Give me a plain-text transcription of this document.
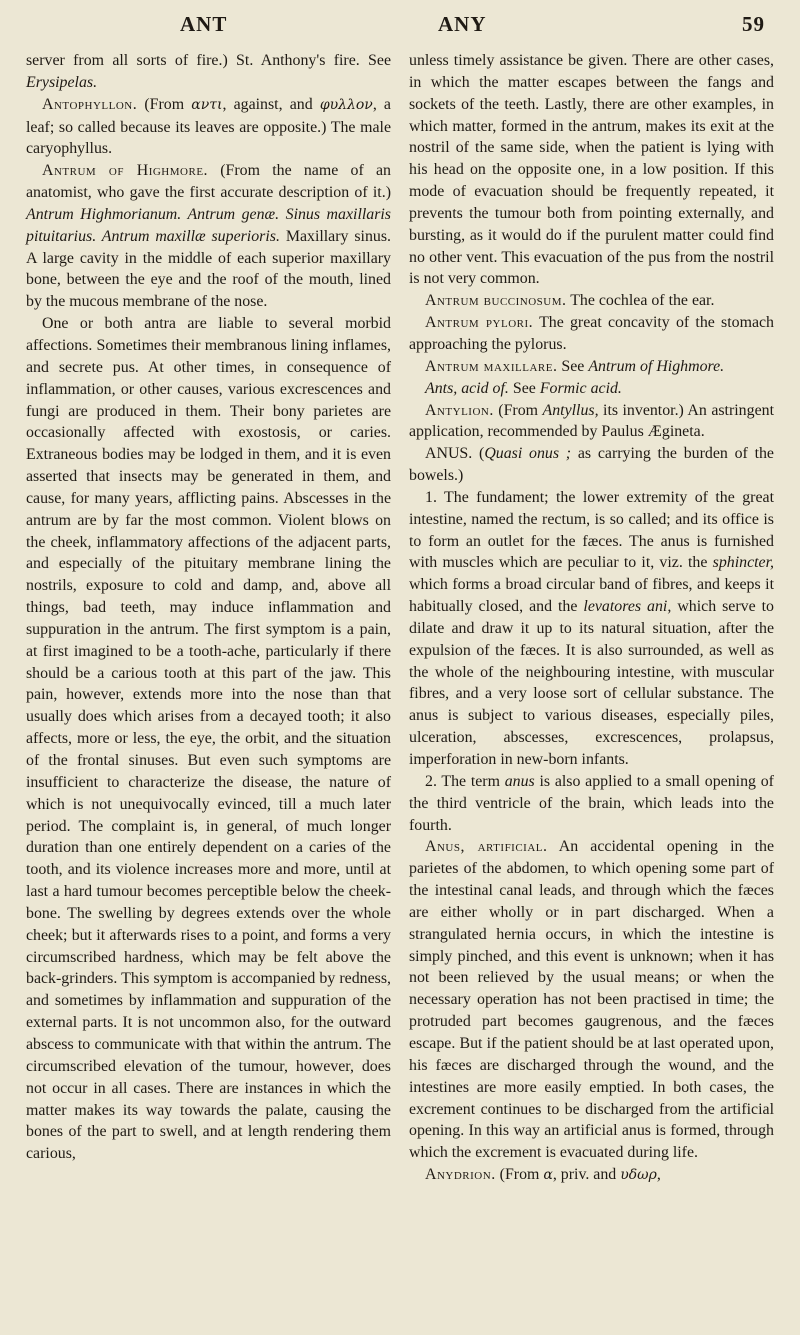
ANT	ANY	59

server from all sorts of fire.) St. Anthony's fire. See Erysipelas.

Antophyllon. (From αντι, against, and φυλλον, a leaf; so called because its leaves are opposite.) The male caryophyllus.

Antrum of Highmore. (From the name of an anatomist, who gave the first accurate description of it.) Antrum Highmorianum. Antrum genæ. Sinus maxillaris pituitarius. Antrum maxillæ superioris. Maxillary sinus. A large cavity in the middle of each superior maxillary bone, between the eye and the roof of the mouth, lined by the mucous membrane of the nose.

One or both antra are liable to several morbid affections. Sometimes their membranous lining inflames, and secrete pus. At other times, in consequence of inflammation, or other causes, various excrescences and fungi are produced in them. Their bony parietes are occasionally affected with exostosis, or caries. Extraneous bodies may be lodged in them, and it is even asserted that insects may be generated in them, and cause, for many years, afflicting pains. Abscesses in the antrum are by far the most common. Violent blows on the cheek, inflammatory affections of the adjacent parts, and especially of the pituitary membrane lining the nostrils, exposure to cold and damp, and, above all things, bad teeth, may induce inflammation and suppuration in the antrum. The first symptom is a pain, at first imagined to be a tooth-ache, particularly if there should be a carious tooth at this part of the jaw. This pain, however, extends more into the nose than that usually does which arises from a decayed tooth; it also affects, more or less, the eye, the orbit, and the situation of the frontal sinuses. But even such symptoms are insufficient to characterize the disease, the nature of which is not unequivocally evinced, till a much later period. The complaint is, in general, of much longer duration than one entirely dependent on a caries of the tooth, and its violence increases more and more, until at last a hard tumour becomes perceptible below the cheek-bone. The swelling by degrees extends over the whole cheek; but it afterwards rises to a point, and forms a very circumscribed hardness, which may be felt above the back-grinders. This symptom is accompanied by redness, and sometimes by inflammation and suppuration of the external parts. It is not uncommon also, for the outward abscess to communicate with that within the antrum. The circumscribed elevation of the tumour, however, does not occur in all cases. There are instances in which the matter makes its way towards the palate, causing the bones of the part to swell, and at length rendering them carious,

unless timely assistance be given. There are other cases, in which the matter escapes between the fangs and sockets of the teeth. Lastly, there are other examples, in which matter, formed in the antrum, makes its exit at the nostril of the same side, when the patient is lying with his head on the opposite one, in a low position. If this mode of evacuation should be frequently repeated, it prevents the tumour both from pointing externally, and bursting, as it would do if the purulent matter could find no other vent. This evacuation of the pus from the nostril is not very common.

Antrum buccinosum. The cochlea of the ear.

Antrum pylori. The great concavity of the stomach approaching the pylorus.

Antrum maxillare. See Antrum of Highmore.

Ants, acid of. See Formic acid.

Antylion. (From Antyllus, its inventor.) An astringent application, recommended by Paulus Ægineta.

ANUS. (Quasi onus ; as carrying the burden of the bowels.)

1. The fundament; the lower extremity of the great intestine, named the rectum, is so called; and its office is to form an outlet for the fæces. The anus is furnished with muscles which are peculiar to it, viz. the sphincter, which forms a broad circular band of fibres, and keeps it habitually closed, and the levatores ani, which serve to dilate and draw it up to its natural situation, after the expulsion of the fæces. It is also surrounded, as well as the whole of the neighbouring intestine, with muscular fibres, and a very loose sort of cellular substance. The anus is subject to various diseases, especially piles, ulceration, abscesses, excrescences, prolapsus, imperforation in new-born infants.

2. The term anus is also applied to a small opening of the third ventricle of the brain, which leads into the fourth.

Anus, artificial. An accidental opening in the parietes of the abdomen, to which opening some part of the intestinal canal leads, and through which the fæces are either wholly or in part discharged. When a strangulated hernia occurs, in which the intestine is simply pinched, and this event is unknown; when it has not been relieved by the usual means; or when the necessary operation has not been practised in time; the protruded part becomes gaugrenous, and the fæces escape. But if the patient should be at last operated upon, his fæces are discharged through the wound, and the intestines are more easily emptied. In both cases, the excrement continues to be discharged from the artificial opening. In this way an artificial anus is formed, through which the excrement is evacuated during life.

Anydrion. (From α, priv. and υδωρ,
